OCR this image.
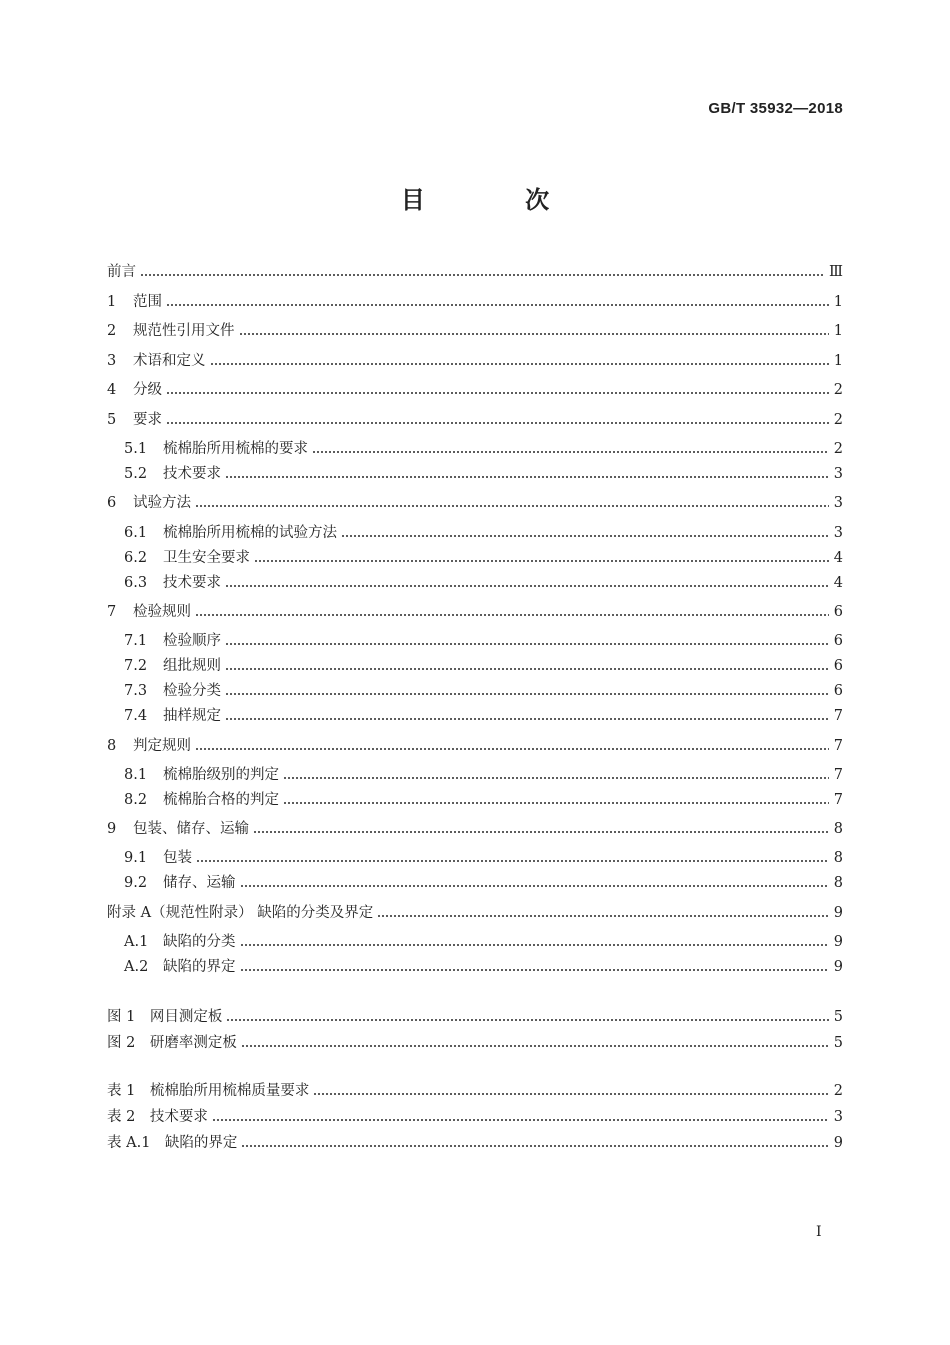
GB/T 35932—2018
目 次
前言	Ⅲ
1	范围	1
2	规范性引用文件	1
3	术语和定义	1
4	分级	2
5	要求	2
5.1	梳棉胎所用梳棉的要求	2
5.2	技术要求	3
6	试验方法	3
6.1	梳棉胎所用梳棉的试验方法	3
6.2	卫生安全要求	4
6.3	技术要求	4
7	检验规则	6
7.1	检验顺序	6
7.2	组批规则	6
7.3	检验分类	6
7.4	抽样规定	7
8	判定规则	7
8.1	梳棉胎级别的判定	7
8.2	梳棉胎合格的判定	7
9	包装、储存、运输	8
9.1	包装	8
9.2	储存、运输	8
附录 A（规范性附录） 缺陷的分类及界定	9
A.1	缺陷的分类	9
A.2	缺陷的界定	9
图 1　网目测定板	5
图 2　研磨率测定板	5
表 1　梳棉胎所用梳棉质量要求	2
表 2　技术要求	3
表 A.1　缺陷的界定	9
I
